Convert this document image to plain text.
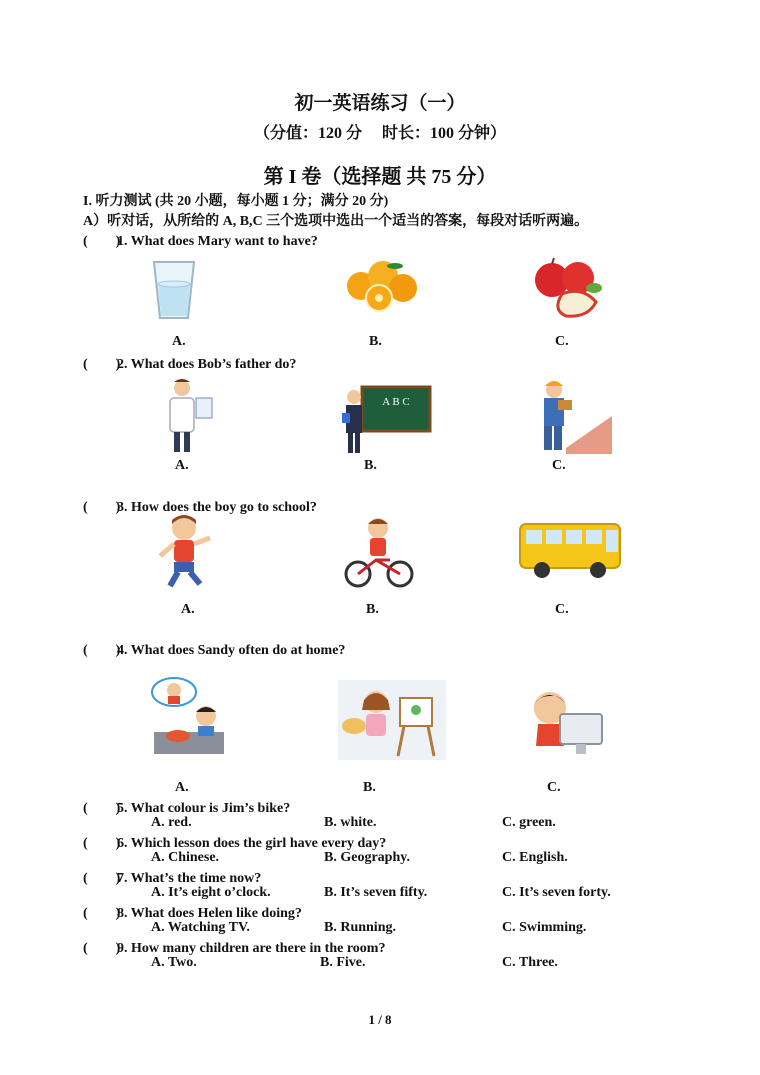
初一英语练习（一）
（分值：120 分　 时长：100 分钟）
第 I 卷（选择题 共 75 分）
I. 听力测试 (共 20 小题，每小题 1 分；满分 20 分)
A）听对话，从所给的 A, B,C 三个选项中选出一个适当的答案，每段对话听两遍。
(　　)1. What does Mary want to have?
A.	B.	C.
(　　)2. What does Bob’s father do?
A B C
A.	B.	C.
(　　)3. How does the boy go to school?
A.	B.	C.
(　　)4. What does Sandy often do at home?
A.	B.	C.
(　　)5. What colour is Jim’s bike?
A. red.	B. white.	C. green.
(　　)6. Which lesson does the girl have every day?
A. Chinese.	B. Geography.	C. English.
(　　)7. What’s the time now?
A. It’s eight o’clock.	B. It’s seven fifty.	C. It’s seven forty.
(　　)8. What does Helen like doing?
A. Watching TV.	B. Running.	C. Swimming.
(　　)9. How many children are there in the room?
A. Two.	B. Five.	C. Three.
1 / 8
